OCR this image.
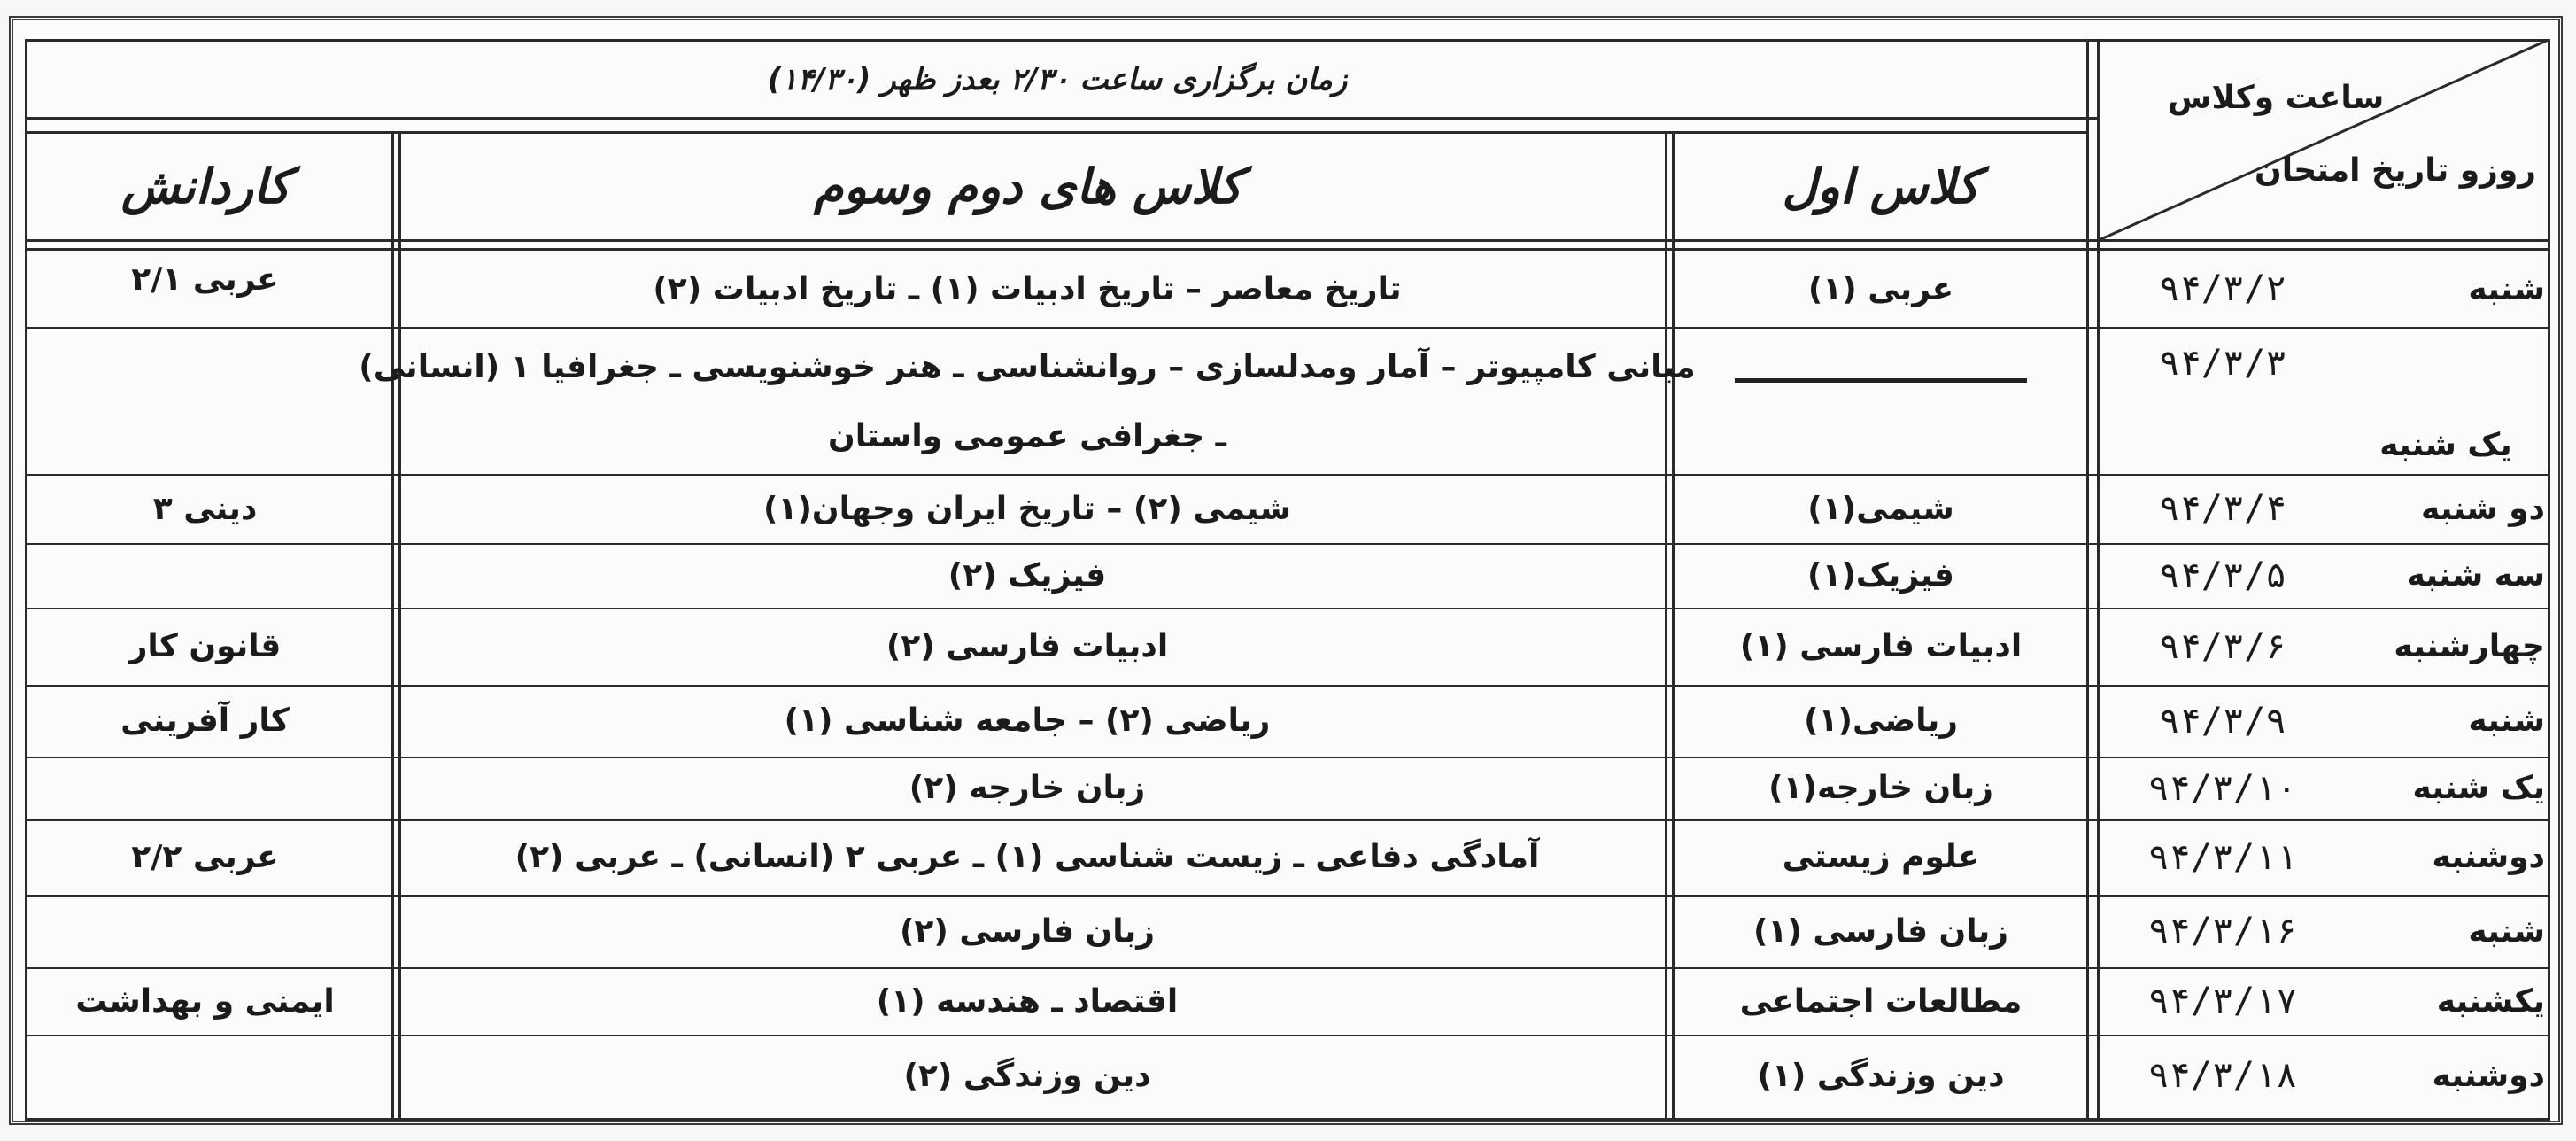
زمان برگزاری ساعت ۲/۳۰ بعدز ظهر (۱۴/۳۰)	ساعت وکلاس
روزو تاریخ امتحان
کلاس اول
کلاس های دوم وسوم
کاردانش
شنبه
۹۴/۳/۲
عربی (۱)
تاریخ معاصر – تاریخ ادبیات (۱) ـ تاریخ ادبیات (۲)
عربی ۲/۱
یک شنبه
۹۴/۳/۳
مبانی کامپیوتر – آمار ومدلسازی – روانشناسی ـ هنر خوشنویسی ـ جغرافیا ۱ (انسانی)
ـ جغرافی عمومی واستان
دو شنبه
۹۴/۳/۴
شیمی(۱)
شیمی (۲) – تاریخ ایران وجهان(۱)
دینی ۳
سه شنبه
۹۴/۳/۵
فیزیک(۱)
فیزیک (۲)
چهارشنبه
۹۴/۳/۶
ادبیات فارسی (۱)
ادبیات فارسی (۲)
قانون کار
شنبه
۹۴/۳/۹
ریاضی(۱)
ریاضی (۲) – جامعه شناسی (۱)
کار آفرینی
یک شنبه
۹۴/۳/۱۰
زبان خارجه(۱)
زبان خارجه (۲)
دوشنبه
۹۴/۳/۱۱
علوم زیستی
آمادگی دفاعی ـ زیست شناسی (۱) ـ عربی ۲ (انسانی) ـ عربی (۲)
عربی ۲/۲
شنبه
۹۴/۳/۱۶
زبان فارسی (۱)
زبان فارسی (۲)
یکشنبه
۹۴/۳/۱۷
مطالعات اجتماعی
اقتصاد ـ هندسه (۱)
ایمنی و بهداشت
دوشنبه
۹۴/۳/۱۸
دین وزندگی (۱)
دین وزندگی (۲)
